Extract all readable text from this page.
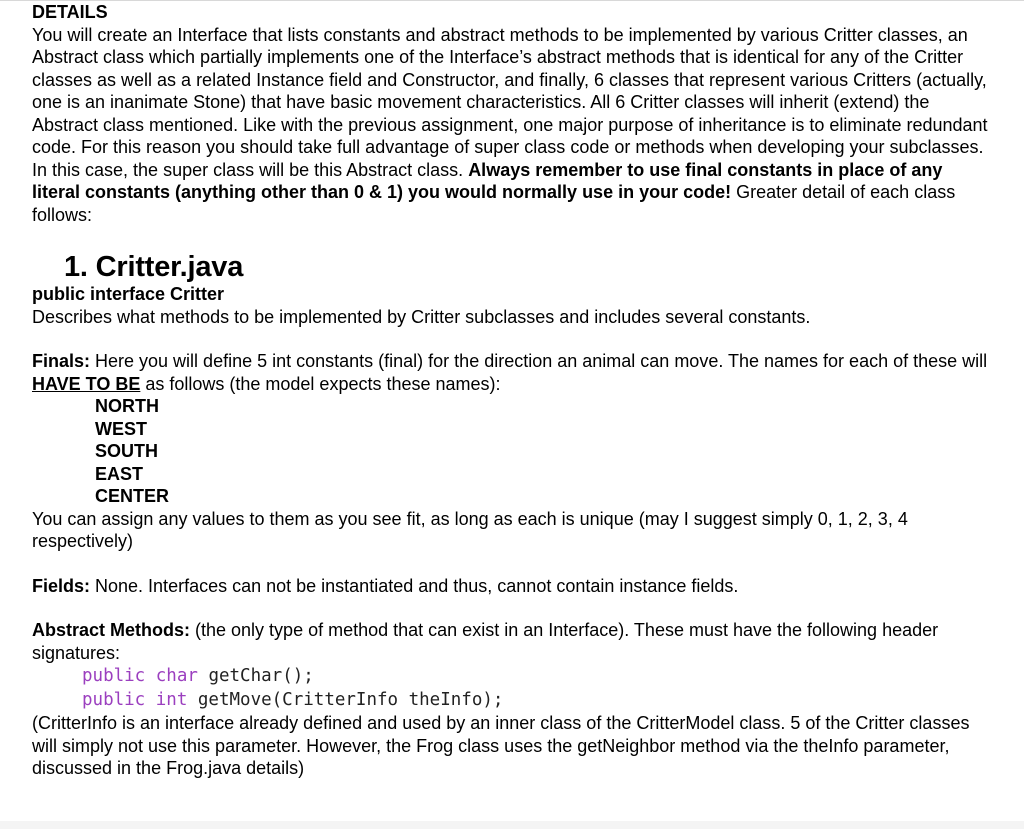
DETAILS

You will create an Interface that lists constants and abstract methods to be implemented by various Critter classes, an Abstract class which partially implements one of the Interface’s abstract methods that is identical for any of the Critter classes as well as a related Instance field and Constructor, and finally, 6 classes that represent various Critters (actually, one is an inanimate Stone) that have basic movement characteristics. All 6 Critter classes will inherit (extend) the Abstract class mentioned. Like with the previous assignment, one major purpose of inheritance is to eliminate redundant code. For this reason you should take full advantage of super class code or methods when developing your subclasses. In this case, the super class will be this Abstract class. Always remember to use final constants in place of any literal constants (anything other than 0 & 1) you would normally use in your code! Greater detail of each class follows:

1. Critter.java

public interface Critter

Describes what methods to be implemented by Critter subclasses and includes several constants.

Finals: Here you will define 5 int constants (final) for the direction an animal can move. The names for each of these will HAVE TO BE as follows (the model expects these names):

NORTH
WEST
SOUTH
EAST
CENTER

You can assign any values to them as you see fit, as long as each is unique (may I suggest simply 0, 1, 2, 3, 4 respectively)

Fields: None. Interfaces can not be instantiated and thus, cannot contain instance fields.

Abstract Methods: (the only type of method that can exist in an Interface). These must have the following header signatures:

public char getChar();
public int getMove(CritterInfo theInfo);

(CritterInfo is an interface already defined and used by an inner class of the CritterModel class. 5 of the Critter classes will simply not use this parameter. However, the Frog class uses the getNeighbor method via the theInfo parameter, discussed in the Frog.java details)
